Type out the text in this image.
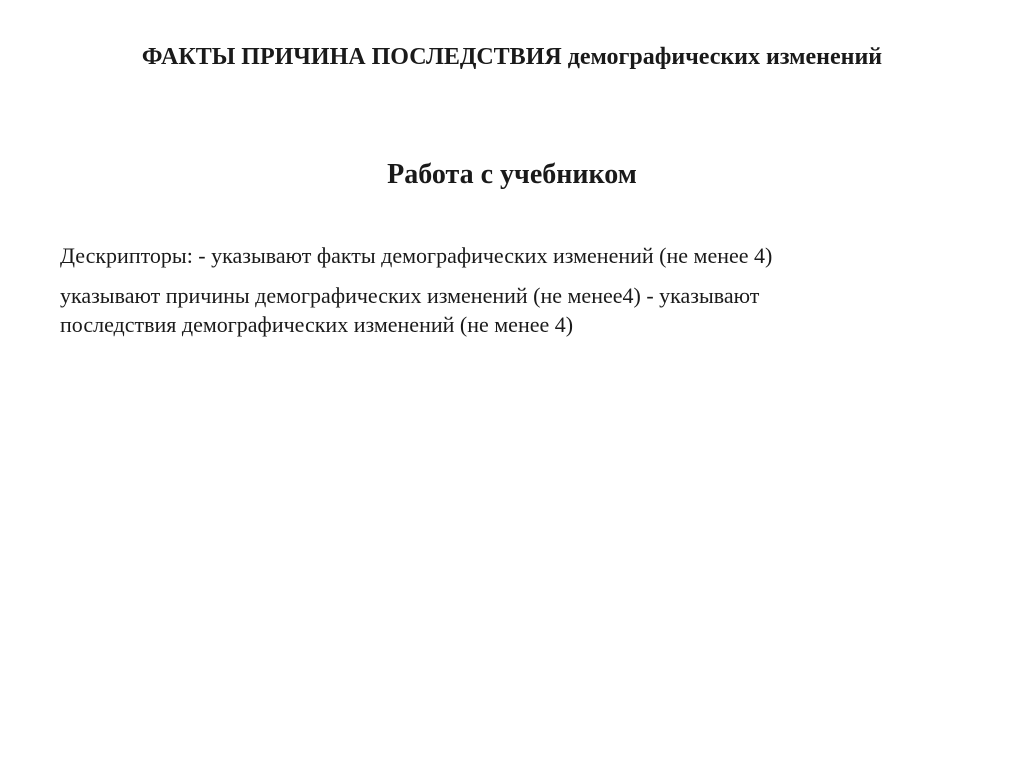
ФАКТЫ ПРИЧИНА ПОСЛЕДСТВИЯ демографических изменений
Работа с учебником
Дескрипторы: - указывают факты демографических изменений (не менее 4)
указывают причины демографических изменений (не менее4) - указывают
последствия демографических изменений (не менее 4)
